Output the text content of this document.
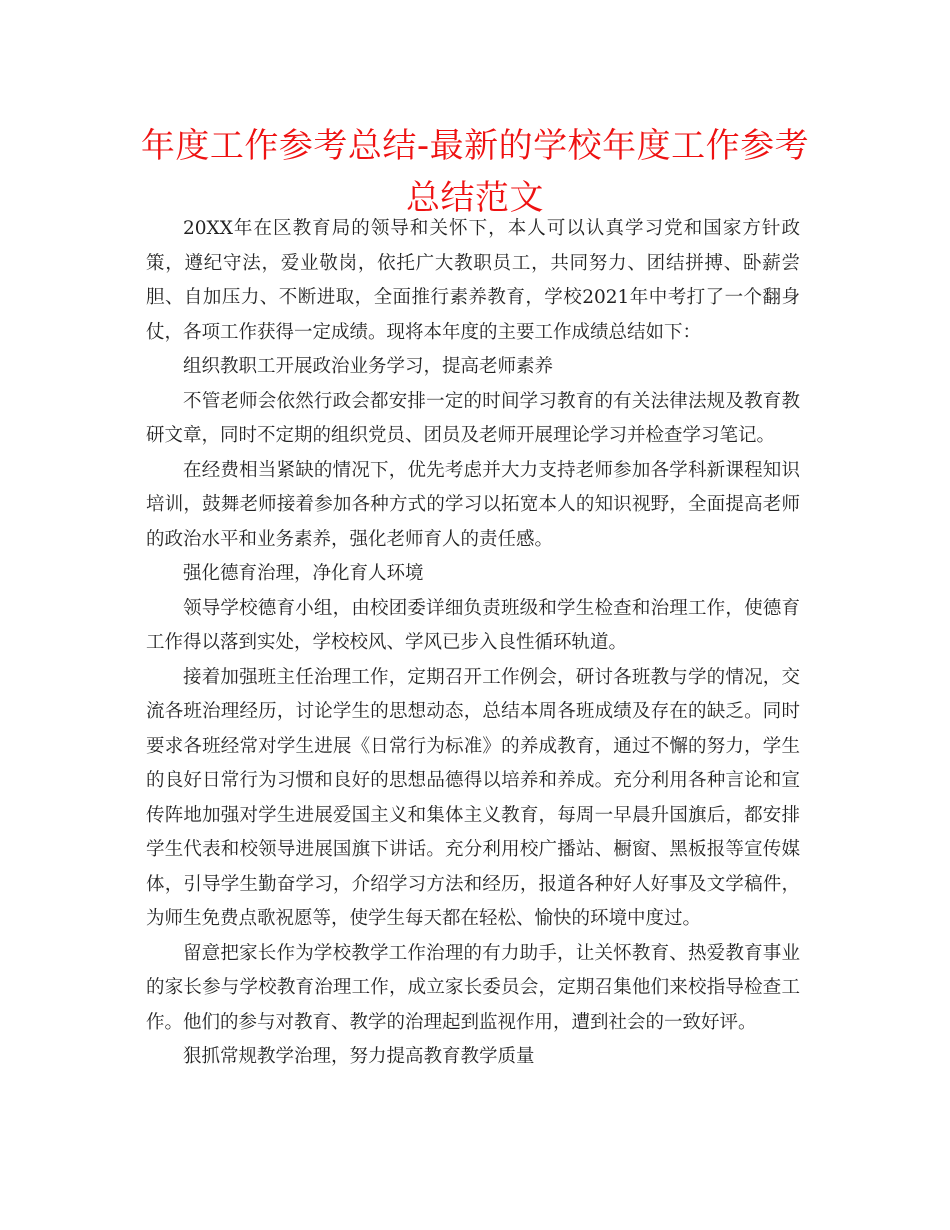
年度工作参考总结-最新的学校年度工作参考总结范文

20XX年在区教育局的领导和关怀下，本人可以认真学习党和国家方针政策，遵纪守法，爱业敬岗，依托广大教职员工，共同努力、团结拼搏、卧薪尝胆、自加压力、不断进取，全面推行素养教育，学校2021年中考打了一个翻身仗，各项工作获得一定成绩。现将本年度的主要工作成绩总结如下：

组织教职工开展政治业务学习，提高老师素养

不管老师会依然行政会都安排一定的时间学习教育的有关法律法规及教育教研文章，同时不定期的组织党员、团员及老师开展理论学习并检查学习笔记。

在经费相当紧缺的情况下，优先考虑并大力支持老师参加各学科新课程知识培训，鼓舞老师接着参加各种方式的学习以拓宽本人的知识视野，全面提高老师的政治水平和业务素养，强化老师育人的责任感。

强化德育治理，净化育人环境

领导学校德育小组，由校团委详细负责班级和学生检查和治理工作，使德育工作得以落到实处，学校校风、学风已步入良性循环轨道。

接着加强班主任治理工作，定期召开工作例会，研讨各班教与学的情况，交流各班治理经历，讨论学生的思想动态，总结本周各班成绩及存在的缺乏。同时要求各班经常对学生进展《日常行为标准》的养成教育，通过不懈的努力，学生的良好日常行为习惯和良好的思想品德得以培养和养成。充分利用各种言论和宣传阵地加强对学生进展爱国主义和集体主义教育，每周一早晨升国旗后，都安排学生代表和校领导进展国旗下讲话。充分利用校广播站、橱窗、黑板报等宣传媒体，引导学生勤奋学习，介绍学习方法和经历，报道各种好人好事及文学稿件，为师生免费点歌祝愿等，使学生每天都在轻松、愉快的环境中度过。

留意把家长作为学校教学工作治理的有力助手，让关怀教育、热爱教育事业的家长参与学校教育治理工作，成立家长委员会，定期召集他们来校指导检查工作。他们的参与对教育、教学的治理起到监视作用，遭到社会的一致好评。

狠抓常规教学治理，努力提高教育教学质量
